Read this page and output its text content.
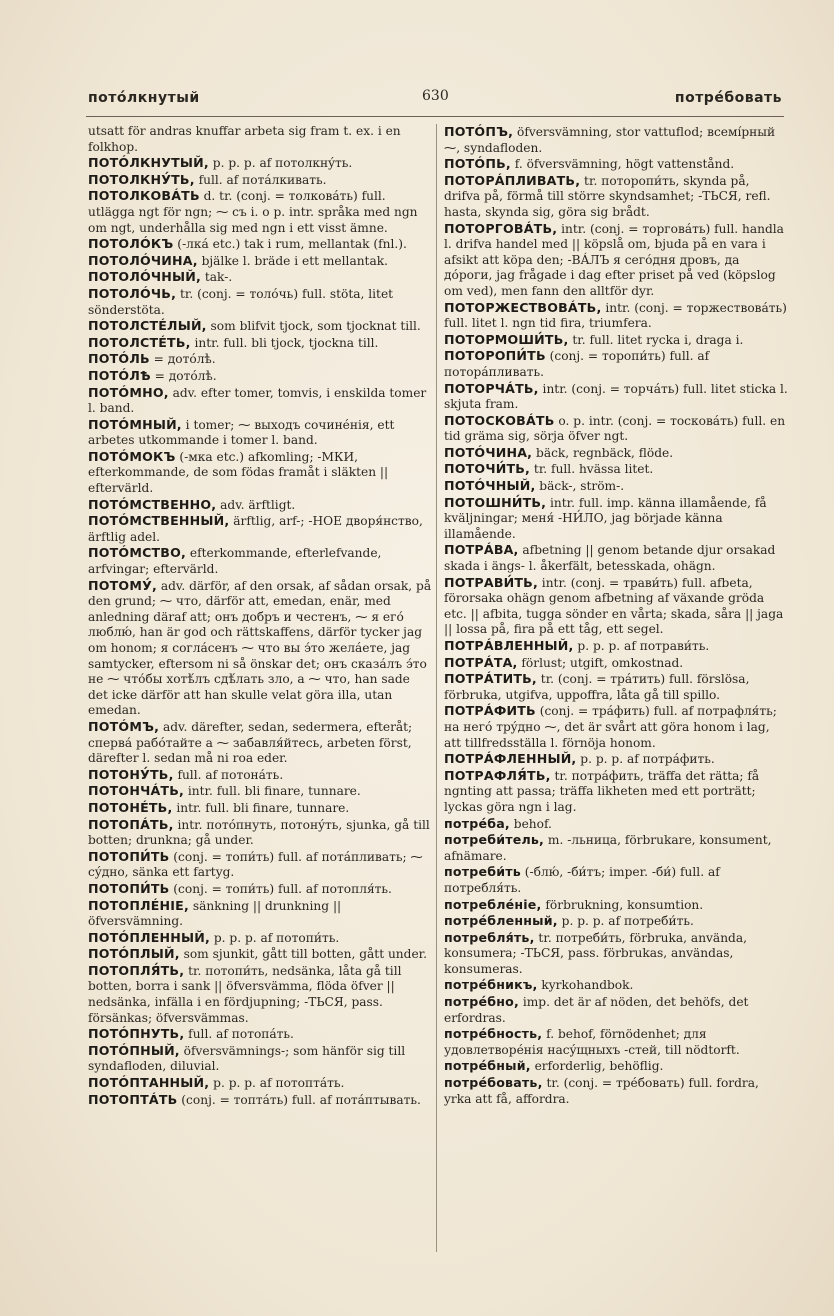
потóлкнутый	630	потрéбовать

utsatt för andras knuffar arbeta sig fram t. ex. i en folkhop.

ПОТÓЛКНУТЫЙ, p. p. p. af потолкнýть.

ПОТОЛКНУ́ТЬ, full. af потáлкивать.

ПОТОЛКОВÁТЬ d. tr. (conj. = толковáть) full. utlägga ngt för ngn; ⁓ съ i. o p. intr. språka med ngn om ngt, underhålla sig med ngn i ett visst ämne.

ПОТОЛÓКЪ (-лкá etc.) tak i rum, mellantak (fnl.).

ПОТОЛÓЧИНА, bjälke l. bräde i ett mellantak.

ПОТОЛÓЧНЫЙ, tak-.

ПОТОЛÓЧЬ, tr. (conj. = толóчь) full. stöta, litet sönderstöta.

ПОТОЛСТÉЛЫЙ, som blifvit tjock, som tjocknat till.

ПОТОЛСТÉТЬ, intr. full. bli tjock, tjockna till.

ПОТÓЛЬ = дотóлѣ.

ПОТÓЛѢ = дотóлѣ.

ПОТÓМНО, adv. efter tomer, tomvis, i enskilda tomer l. band.

ПОТÓМНЫЙ, i tomer; ⁓ выходъ сочинéнія, ett arbetes utkommande i tomer l. band.

ПОТÓМОКЪ (-мка etc.) afkomling; -МКИ, efterkommande, de som födas framåt i släkten || eftervärld.

ПОТÓМСТВЕННО, adv. ärftligt.

ПОТÓМСТВЕННЫЙ, ärftlig, arf-; -НОЕ дворя́нство, ärftlig adel.

ПОТÓМСТВО, efterkommande, efterlefvande, arfvingar; eftervärld.

ПОТОМУ́, adv. därför, af den orsak, af sådan orsak, på den grund; ⁓ что, därför att, emedan, enär, med anledning däraf att; онъ добръ и честенъ, ⁓ я его́ люблю́, han är god och rättskaffens, därför tycker jag om honom; я соглáсенъ ⁓ что вы э́то желáете, jag samtycker, eftersom ni så önskar det; онъ сказáлъ э́то не ⁓ что́бы хотѣ́лъ сдѣ́лать зло, а ⁓ что, han sade det icke därför att han skulle velat göra illa, utan emedan.

ПОТÓМЪ, adv. därefter, sedan, sedermera, efteråt; сперва́ рабóтайте а ⁓ забавля́йтесь, arbeten först, därefter l. sedan må ni roa eder.

ПОТОНУ́ТЬ, full. af потонáть.

ПОТОНЧÁТЬ, intr. full. bli finare, tunnare.

ПОТОНÉТЬ, intr. full. bli finare, tunnare.

ПОТОПÁТЬ, intr. потóпнуть, потонýть, sjunka, gå till botten; drunkna; gå under.

ПОТОПИ́ТЬ (conj. = топи́ть) full. af потáпливать; ⁓ сýдно, sänka ett fartyg.

ПОТОПИ́ТЬ (conj. = топи́ть) full. af потопля́ть.

ПОТОПЛÉНІЕ, sänkning || drunkning || öfversvämning.

ПОТÓПЛЕННЫЙ, p. p. p. af потопи́ть.

ПОТÓПЛЫЙ, som sjunkit, gått till botten, gått under.

ПОТОПЛЯ́ТЬ, tr. потопи́ть, nedsänka, låta gå till botten, borra i sank || öfversvämma, flöda öfver || nedsänka, infälla i en fördjupning; -ТЬСЯ, pass. försänkas; öfversvämmas.

ПОТÓПНУТЬ, full. af потопáть.

ПОТÓПНЫЙ, öfversvämnings-; som hänför sig till syndafloden, diluvial.

ПОТÓПТАННЫЙ, p. p. p. af потоптáть.

ПОТОПТÁТЬ (conj. = топтáть) full. af потáптывать.

ПОТÓПЪ, öfversvämning, stor vattuflod; всемíрный ⁓, syndafloden.

ПОТÓПЬ, f. öfversvämning, högt vattenstånd.

ПОТОРÁПЛИВАТЬ, tr. поторопи́ть, skynda på, drifva på, förmå till större skyndsamhet; -ТЬСЯ, refl. hasta, skynda sig, göra sig brådt.

ПОТОРГОВÁТЬ, intr. (conj. = торговáть) full. handla l. drifva handel med || köpslå om, bjuda på en vara i afsikt att köpa den; -ВÁЛЪ я сегóдня дровъ, да дóроги, jag frågade i dag efter priset på ved (köpslog om ved), men fann den alltför dyr.

ПОТОРЖЕСТВОВÁТЬ, intr. (conj. = торжествовáть) full. litet l. ngn tid fira, triumfera.

ПОТОРМОШИ́ТЬ, tr. full. litet rycka i, draga i.

ПОТОРОПИ́ТЬ (conj. = торопи́ть) full. af поторáпливать.

ПОТОРЧÁТЬ, intr. (conj. = торчáть) full. litet sticka l. skjuta fram.

ПОТОСКОВÁТЬ o. p. intr. (conj. = тосковáть) full. en tid gräma sig, sörja öfver ngt.

ПОТÓЧИНА, bäck, regnbäck, flöde.

ПОТОЧИ́ТЬ, tr. full. hvässa litet.

ПОТÓЧНЫЙ, bäck-, ström-.

ПОТОШНИ́ТЬ, intr. full. imp. känna illamående, få kväljningar; меня́ -НИ́ЛО, jag började känna illamående.

ПОТРÁВА, afbetning || genom betande djur orsakad skada i ängs- l. åkerfält, betesskada, ohägn.

ПОТРАВИ́ТЬ, intr. (conj. = трави́ть) full. afbeta, förorsaka ohägn genom afbetning af växande gröda etc. || afbita, tugga sönder en vårta; skada, såra || jaga || lossa på, fira på ett tåg, ett segel.

ПОТРÁВЛЕННЫЙ, p. p. p. af потрави́ть.

ПОТРÁТА, förlust; utgift, omkostnad.

ПОТРÁТИТЬ, tr. (conj. = трáтить) full. förslösa, förbruka, utgifva, uppoffra, låta gå till spillo.

ПОТРÁФИТЬ (conj. = трáфить) full. af потрафля́ть; на негó трýдно ⁓, det är svårt att göra honom i lag, att tillfredsställa l. förnöja honom.

ПОТРÁФЛЕННЫЙ, p. p. p. af потрáфить.

ПОТРАФЛЯ́ТЬ, tr. потрáфить, träffa det rätta; få ngnting att passa; träffa likheten med ett porträtt; lyckas göra ngn i lag.

потрéба, behof.

потреби́тель, m. -льница, förbrukare, konsument, afnämare.

потреби́ть (-блю́, -би́тъ; imper. -би́) full. af потребля́ть.

потреблéніе, förbrukning, konsumtion.

потрéбленный, p. p. p. af потреби́ть.

потребля́ть, tr. потреби́ть, förbruka, använda, konsumera; -ТЬСЯ, pass. förbrukas, användas, konsumeras.

потрéбникъ, kyrkohandbok.

потрéбно, imp. det är af nöden, det behöfs, det erfordras.

потрéбность, f. behof, förnödenhet; для удовлетворéнія насýщныхъ -стей, till nödtorft.

потрéбный, erforderlig, behöflig.

потрéбовать, tr. (conj. = трéбовать) full. fordra, yrka att få, affordra.
